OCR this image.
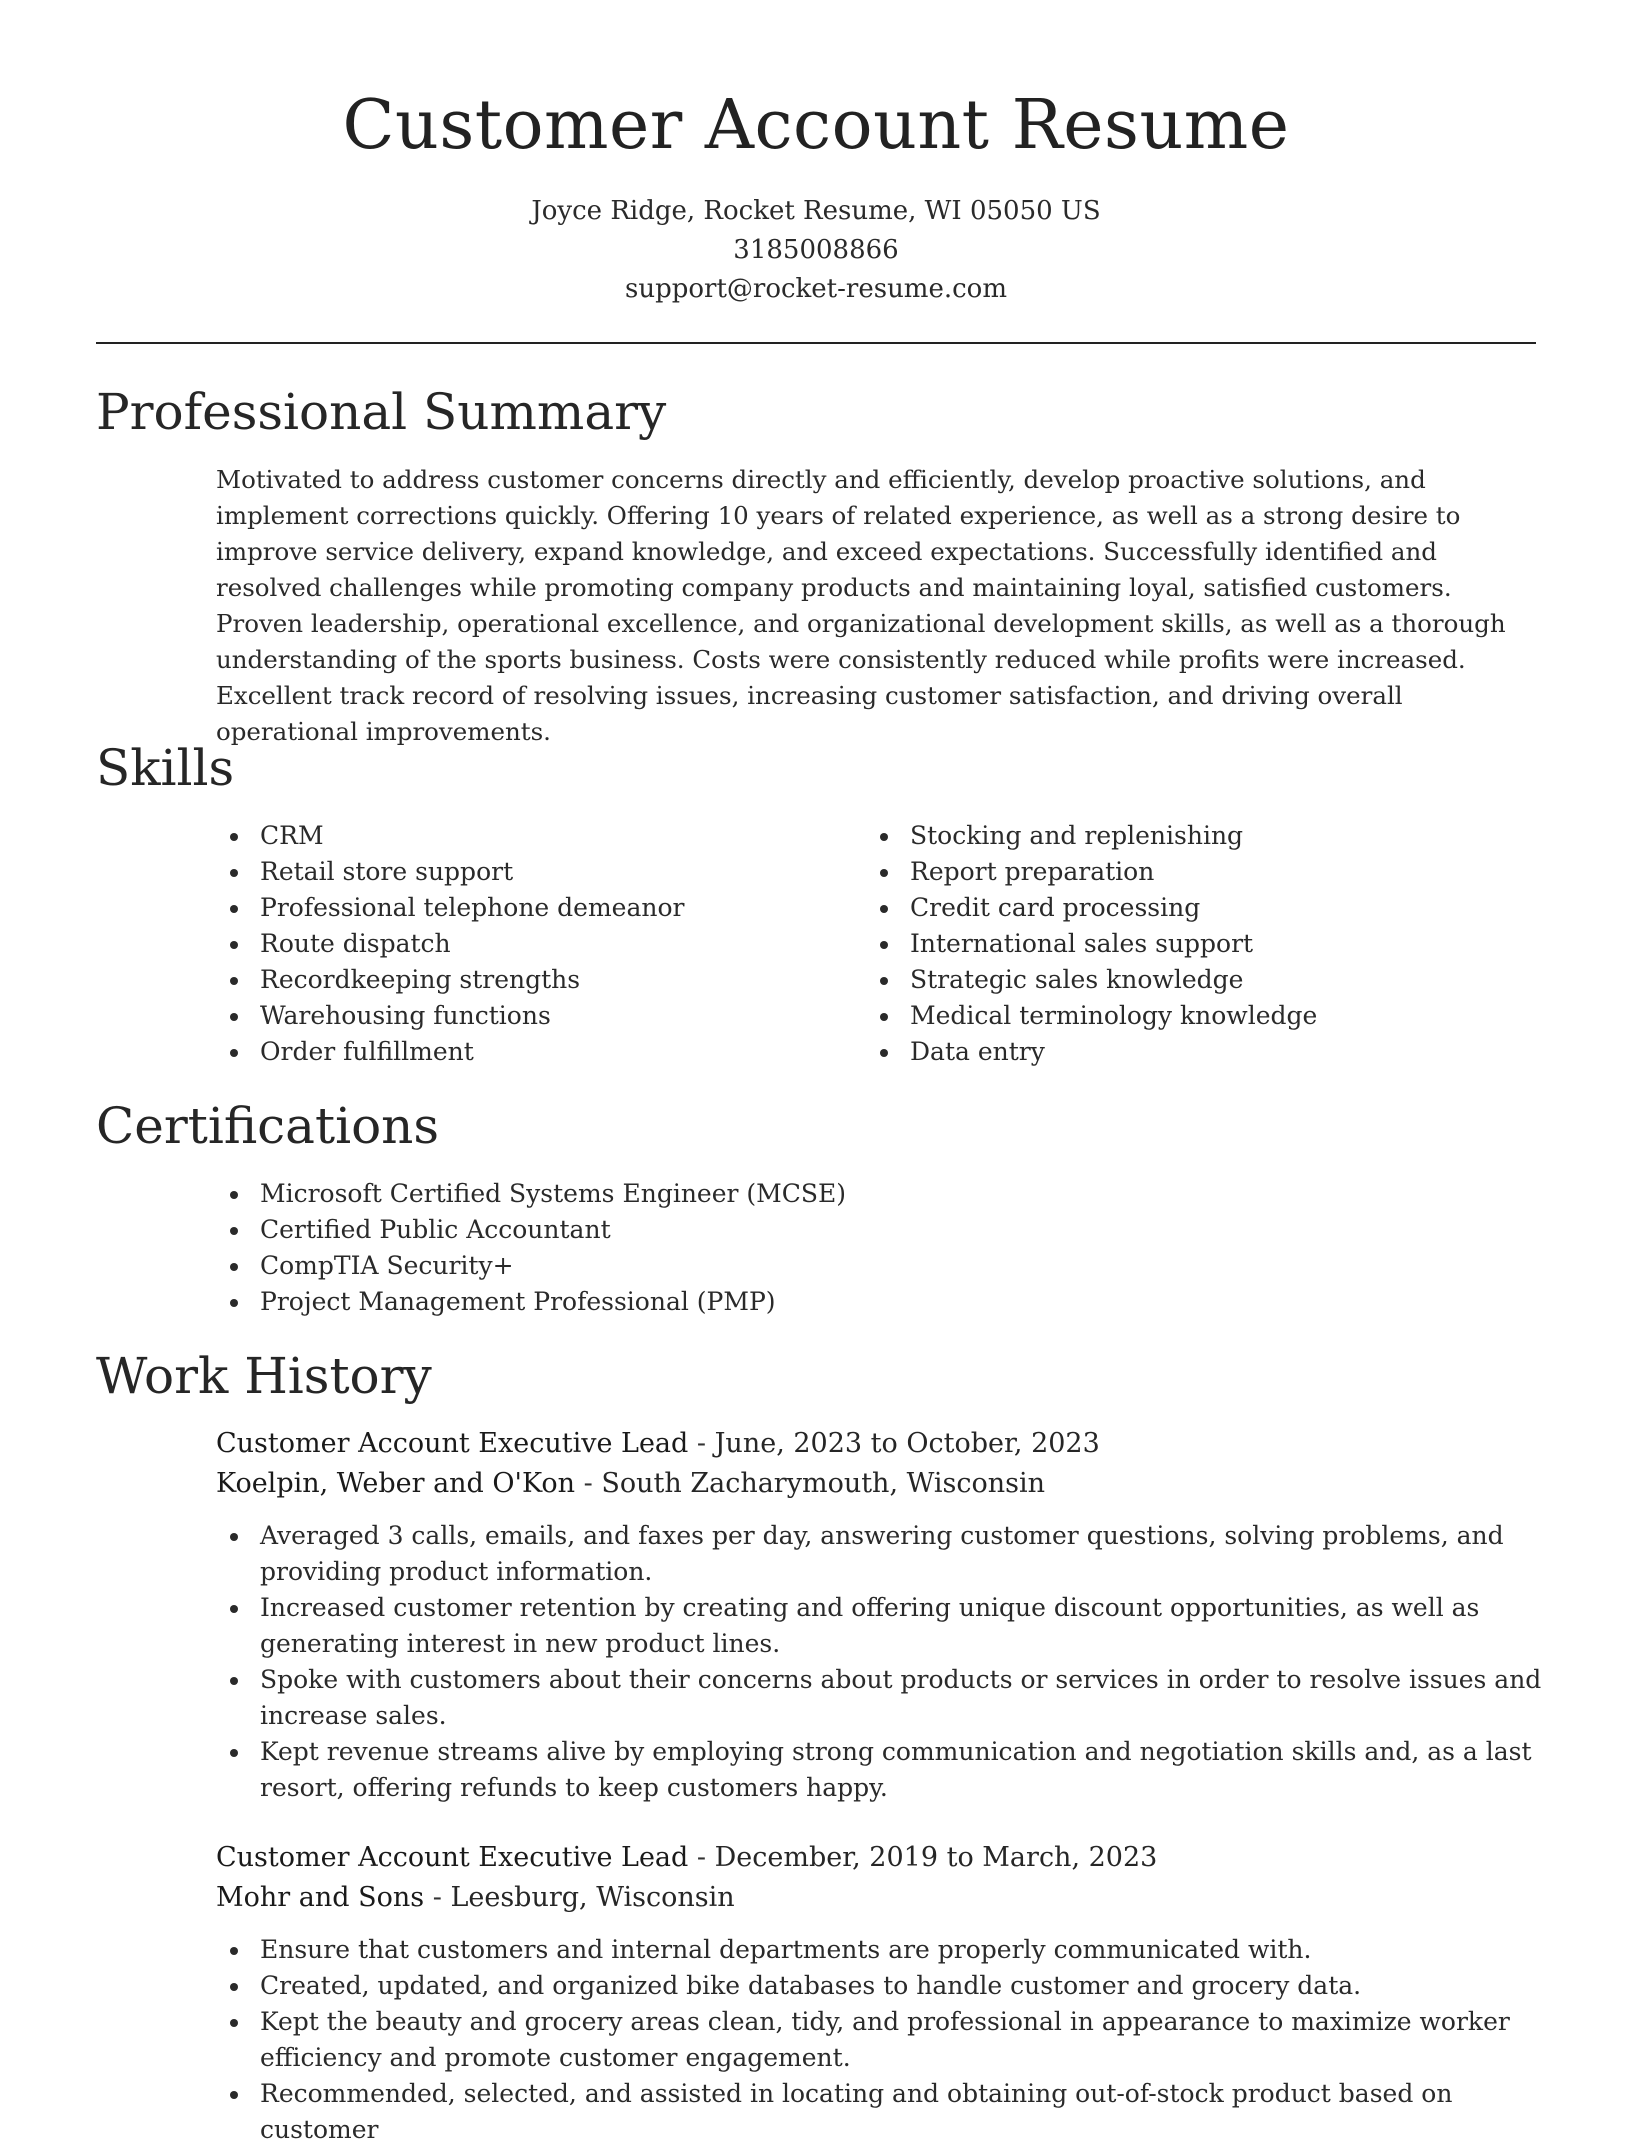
Customer Account Resume
Joyce Ridge, Rocket Resume, WI 05050 US
3185008866
support@rocket-resume.com
Professional Summary

Motivated to address customer concerns directly and efficiently, develop proactive solutions, and implement corrections quickly. Offering 10 years of related experience, as well as a strong desire to improve service delivery, expand knowledge, and exceed expectations. Successfully identified and resolved challenges while promoting company products and maintaining loyal, satisfied customers. Proven leadership, operational excellence, and organizational development skills, as well as a thorough understanding of the sports business. Costs were consistently reduced while profits were increased. Excellent track record of resolving issues, increasing customer satisfaction, and driving overall operational improvements.

Skills
CRM
Retail store support
Professional telephone demeanor
Route dispatch
Recordkeeping strengths
Warehousing functions
Order fulfillment
Stocking and replenishing
Report preparation
Credit card processing
International sales support
Strategic sales knowledge
Medical terminology knowledge
Data entry
Certifications
Microsoft Certified Systems Engineer (MCSE)
Certified Public Accountant
CompTIA Security+
Project Management Professional (PMP)
Work History
Customer Account Executive Lead - June, 2023 to October, 2023
Koelpin, Weber and O'Kon - South Zacharymouth, Wisconsin
Averaged 3 calls, emails, and faxes per day, answering customer questions, solving problems, and providing product information.
Increased customer retention by creating and offering unique discount opportunities, as well as generating interest in new product lines.
Spoke with customers about their concerns about products or services in order to resolve issues and increase sales.
Kept revenue streams alive by employing strong communication and negotiation skills and, as a last resort, offering refunds to keep customers happy.
Customer Account Executive Lead - December, 2019 to March, 2023
Mohr and Sons - Leesburg, Wisconsin
Ensure that customers and internal departments are properly communicated with.
Created, updated, and organized bike databases to handle customer and grocery data.
Kept the beauty and grocery areas clean, tidy, and professional in appearance to maximize worker efficiency and promote customer engagement.
Recommended, selected, and assisted in locating and obtaining out-of-stock product based on customer
